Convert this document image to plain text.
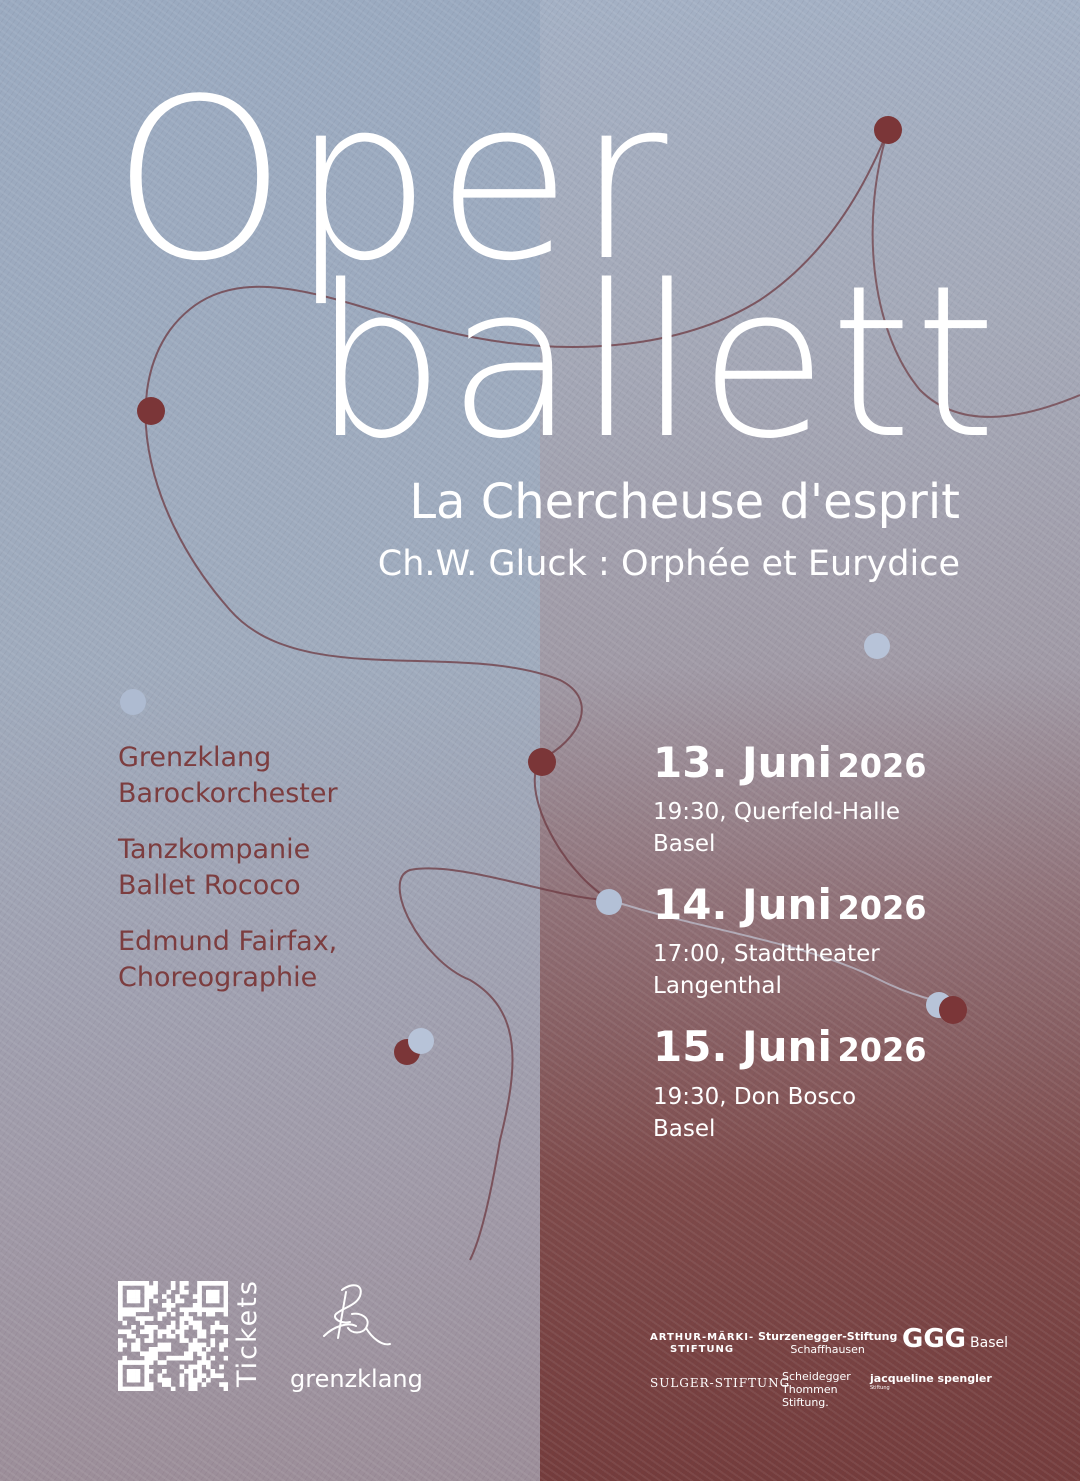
Oper
ballett
La Chercheuse d'esprit
Ch.W. Gluck : Orphée et Eurydice
Grenzklang
Barockorchester
Tanzkompanie
Ballet Rococo
Edmund Fairfax,
Choreographie
13. Juni 2026
19:30, Querfeld-Halle
Basel
14. Juni 2026
17:00, Stadttheater
Langenthal
15. Juni 2026
19:30, Don Bosco
Basel
Tickets	grenzklang
ARTHUR-MÄRKI-
STIFTUNG
Sturzenegger-Stiftung
Schaffhausen	GGG Basel
SULGER-STIFTUNG
Scheidegger
Thommen
Stiftung.
jacqueline spengler
Stiftung
